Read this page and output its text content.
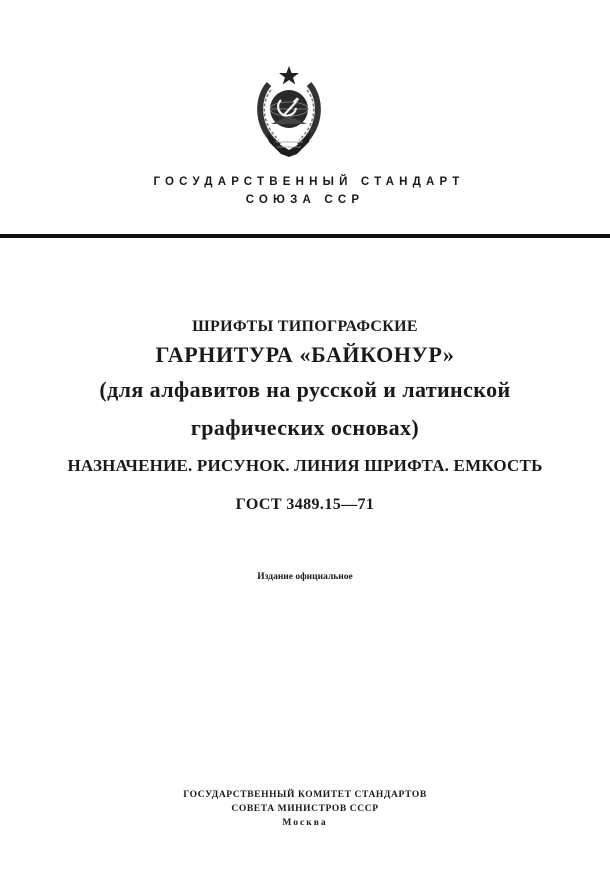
ГОСУДАРСТВЕННЫЙ СТАНДАРТ
СОЮЗА ССР
ШРИФТЫ ТИПОГРАФСКИЕ
ГАРНИТУРА «БАЙКОНУР»
(для алфавитов на русской и латинской
графических основах)
НАЗНАЧЕНИЕ. РИСУНОК. ЛИНИЯ ШРИФТА. ЕМКОСТЬ
ГОСТ 3489.15—71
Издание официальное
ГОСУДАРСТВЕННЫЙ КОМИТЕТ СТАНДАРТОВ
СОВЕТА МИНИСТРОВ СССР
Москва
